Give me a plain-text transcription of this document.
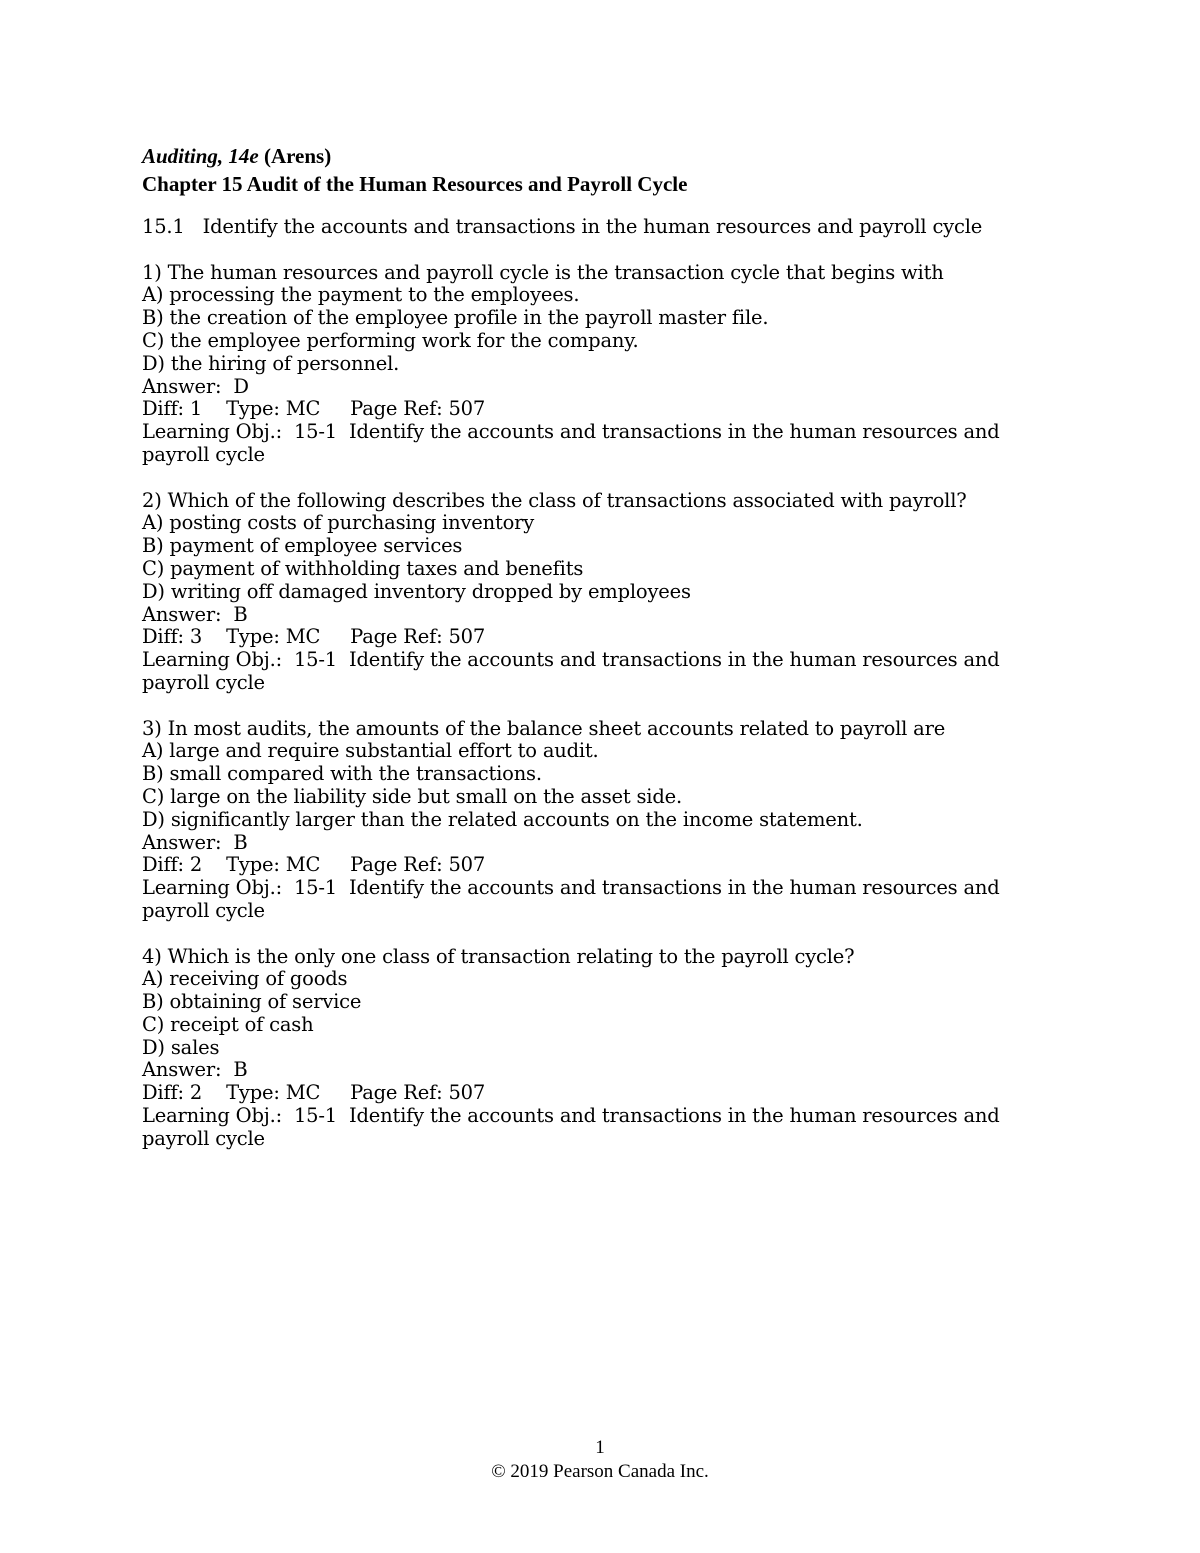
Auditing, 14e (Arens)
Chapter 15 Audit of the Human Resources and Payroll Cycle
15.1   Identify the accounts and transactions in the human resources and payroll cycle
1) The human resources and payroll cycle is the transaction cycle that begins with
A) processing the payment to the employees.
B) the creation of the employee profile in the payroll master file.
C) the employee performing work for the company.
D) the hiring of personnel.
Answer:  D
Diff: 1    Type: MC     Page Ref: 507
Learning Obj.:  15-1  Identify the accounts and transactions in the human resources and
payroll cycle
2) Which of the following describes the class of transactions associated with payroll?
A) posting costs of purchasing inventory
B) payment of employee services
C) payment of withholding taxes and benefits
D) writing off damaged inventory dropped by employees
Answer:  B
Diff: 3    Type: MC     Page Ref: 507
Learning Obj.:  15-1  Identify the accounts and transactions in the human resources and
payroll cycle
3) In most audits, the amounts of the balance sheet accounts related to payroll are
A) large and require substantial effort to audit.
B) small compared with the transactions.
C) large on the liability side but small on the asset side.
D) significantly larger than the related accounts on the income statement.
Answer:  B
Diff: 2    Type: MC     Page Ref: 507
Learning Obj.:  15-1  Identify the accounts and transactions in the human resources and
payroll cycle
4) Which is the only one class of transaction relating to the payroll cycle?
A) receiving of goods
B) obtaining of service
C) receipt of cash
D) sales
Answer:  B
Diff: 2    Type: MC     Page Ref: 507
Learning Obj.:  15-1  Identify the accounts and transactions in the human resources and
payroll cycle
1
© 2019 Pearson Canada Inc.
